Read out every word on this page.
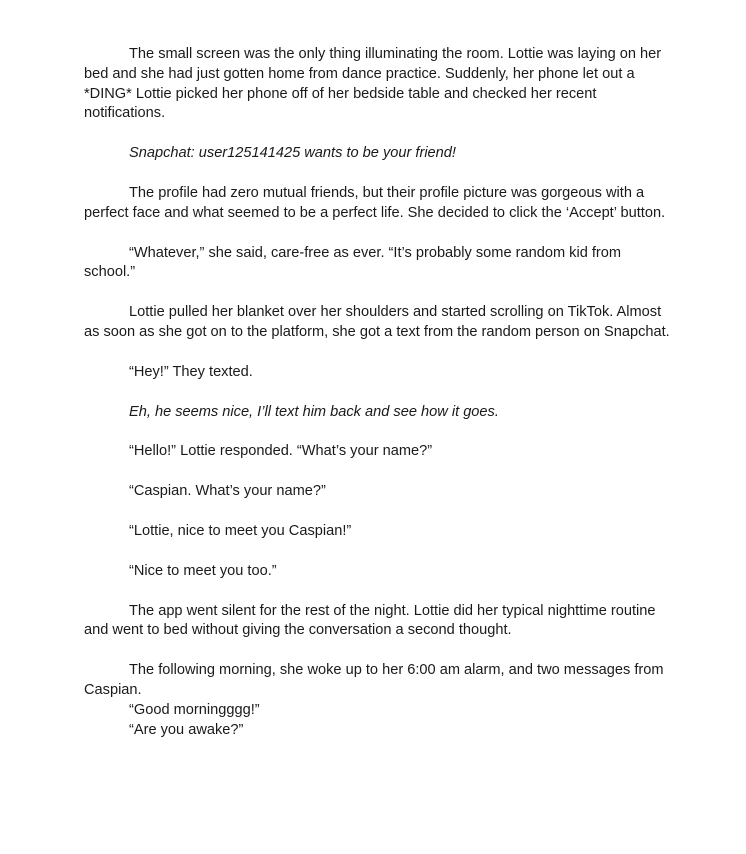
The small screen was the only thing illuminating the room. Lottie was laying on her bed and she had just gotten home from dance practice. Suddenly, her phone let out a *DING* Lottie picked her phone off of her bedside table and checked her recent notifications.

Snapchat: user125141425 wants to be your friend!

The profile had zero mutual friends, but their profile picture was gorgeous with a perfect face and what seemed to be a perfect life. She decided to click the ‘Accept’ button.

“Whatever,” she said, care-free as ever. “It’s probably some random kid from school.”

Lottie pulled her blanket over her shoulders and started scrolling on TikTok. Almost as soon as she got on to the platform, she got a text from the random person on Snapchat.

“Hey!” They texted.

Eh, he seems nice, I’ll text him back and see how it goes.

“Hello!” Lottie responded. “What’s your name?”

“Caspian. What’s your name?”

“Lottie, nice to meet you Caspian!”

“Nice to meet you too.”

The app went silent for the rest of the night. Lottie did her typical nighttime routine and went to bed without giving the conversation a second thought.

The following morning, she woke up to her 6:00 am alarm, and two messages from Caspian.

“Good morningggg!”

“Are you awake?”
